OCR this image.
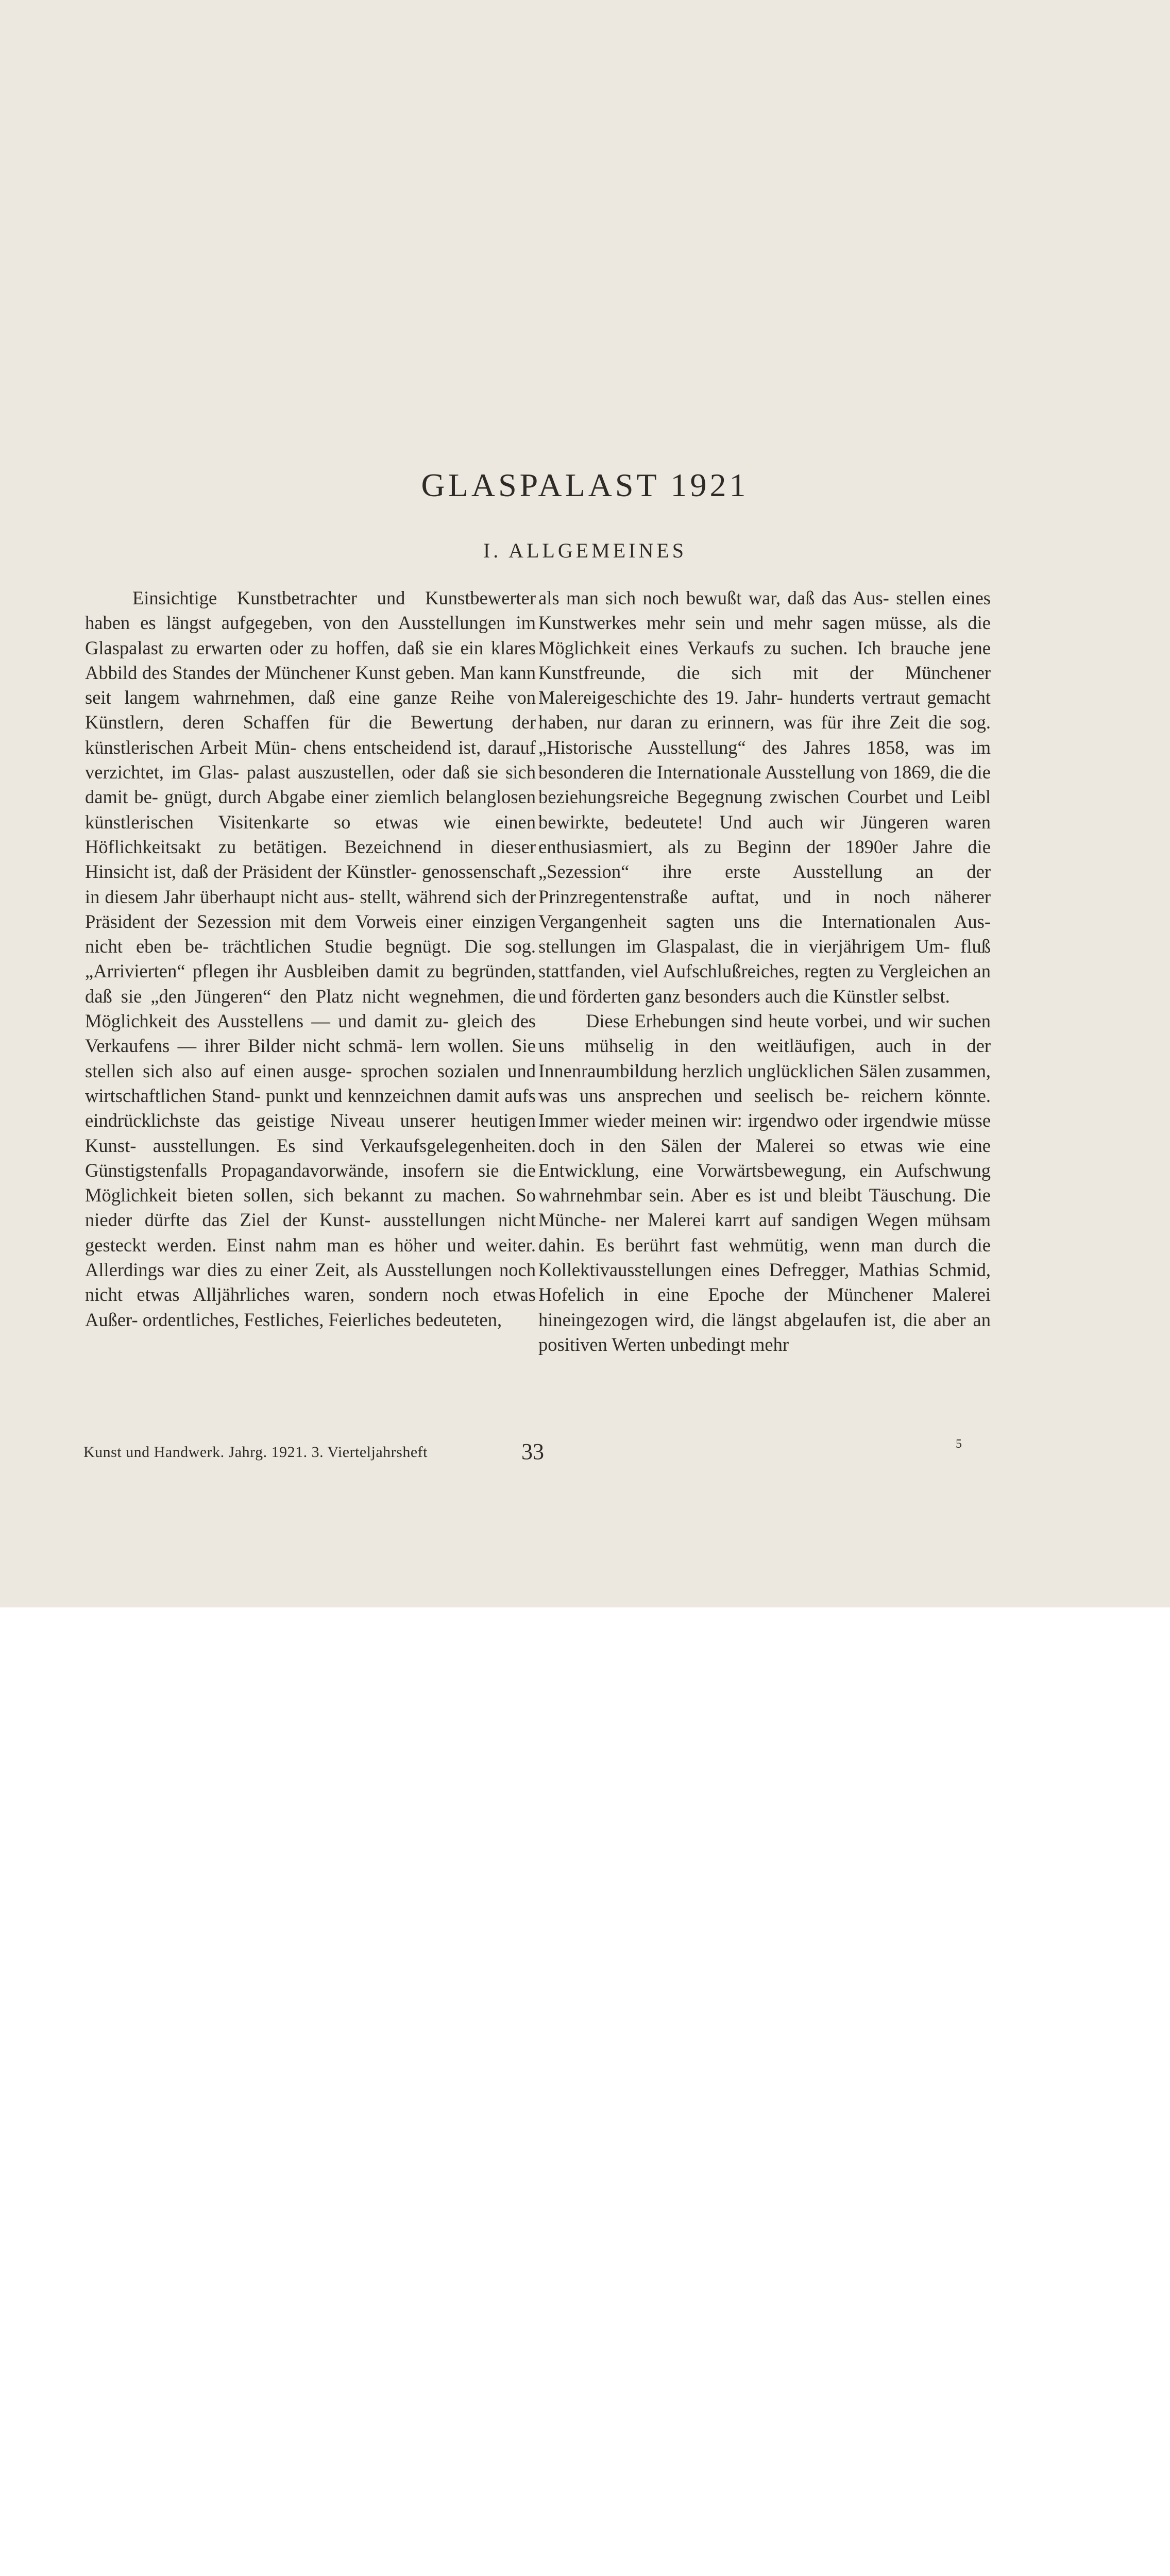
GLASPALAST 1921
I. ALLGEMEINES

Einsichtige Kunstbetrachter und Kunstbewerter haben es längst aufgegeben, von den Ausstellungen im Glaspalast zu erwarten oder zu hoffen, daß sie ein klares Abbild des Standes der Münchener Kunst geben. Man kann seit langem wahrnehmen, daß eine ganze Reihe von Künstlern, deren Schaffen für die Bewertung der künstlerischen Arbeit Mün- chens entscheidend ist, darauf verzichtet, im Glas- palast auszustellen, oder daß sie sich damit be- gnügt, durch Abgabe einer ziemlich belanglosen künstlerischen Visitenkarte so etwas wie einen Höflichkeitsakt zu betätigen. Bezeichnend in dieser Hinsicht ist, daß der Präsident der Künstler- genossenschaft in diesem Jahr überhaupt nicht aus- stellt, während sich der Präsident der Sezession mit dem Vorweis einer einzigen nicht eben be- trächtlichen Studie begnügt. Die sog. „Arrivierten“ pflegen ihr Ausbleiben damit zu begründen, daß sie „den Jüngeren“ den Platz nicht wegnehmen, die Möglichkeit des Ausstellens — und damit zu- gleich des Verkaufens — ihrer Bilder nicht schmä- lern wollen. Sie stellen sich also auf einen ausge- sprochen sozialen und wirtschaftlichen Stand- punkt und kennzeichnen damit aufs eindrücklichste das geistige Niveau unserer heutigen Kunst- ausstellungen. Es sind Verkaufsgelegenheiten. Günstigstenfalls Propagandavorwände, insofern sie die Möglichkeit bieten sollen, sich bekannt zu machen. So nieder dürfte das Ziel der Kunst- ausstellungen nicht gesteckt werden. Einst nahm man es höher und weiter. Allerdings war dies zu einer Zeit, als Ausstellungen noch nicht etwas Alljährliches waren, sondern noch etwas Außer- ordentliches, Festliches, Feierliches bedeuteten,

als man sich noch bewußt war, daß das Aus- stellen eines Kunstwerkes mehr sein und mehr sagen müsse, als die Möglichkeit eines Verkaufs zu suchen. Ich brauche jene Kunstfreunde, die sich mit der Münchener Malereigeschichte des 19. Jahr- hunderts vertraut gemacht haben, nur daran zu erinnern, was für ihre Zeit die sog. „Historische Ausstellung“ des Jahres 1858, was im besonderen die Internationale Ausstellung von 1869, die die beziehungsreiche Begegnung zwischen Courbet und Leibl bewirkte, bedeutete! Und auch wir Jüngeren waren enthusiasmiert, als zu Beginn der 1890er Jahre die „Sezession“ ihre erste Ausstellung an der Prinzregentenstraße auftat, und in noch näherer Vergangenheit sagten uns die Internationalen Aus- stellungen im Glaspalast, die in vierjährigem Um- fluß stattfanden, viel Aufschlußreiches, regten zu Vergleichen an und förderten ganz besonders auch die Künstler selbst.

Diese Erhebungen sind heute vorbei, und wir suchen uns mühselig in den weitläufigen, auch in der Innenraumbildung herzlich unglücklichen Sälen zusammen, was uns ansprechen und seelisch be- reichern könnte. Immer wieder meinen wir: irgendwo oder irgendwie müsse doch in den Sälen der Malerei so etwas wie eine Entwicklung, eine Vorwärtsbewegung, ein Aufschwung wahrnehmbar sein. Aber es ist und bleibt Täuschung. Die Münche- ner Malerei karrt auf sandigen Wegen mühsam dahin. Es berührt fast wehmütig, wenn man durch die Kollektivausstellungen eines Defregger, Mathias Schmid, Hofelich in eine Epoche der Münchener Malerei hineingezogen wird, die längst abgelaufen ist, die aber an positiven Werten unbedingt mehr

Kunst und Handwerk. Jahrg. 1921. 3. Vierteljahrsheft	33	5
